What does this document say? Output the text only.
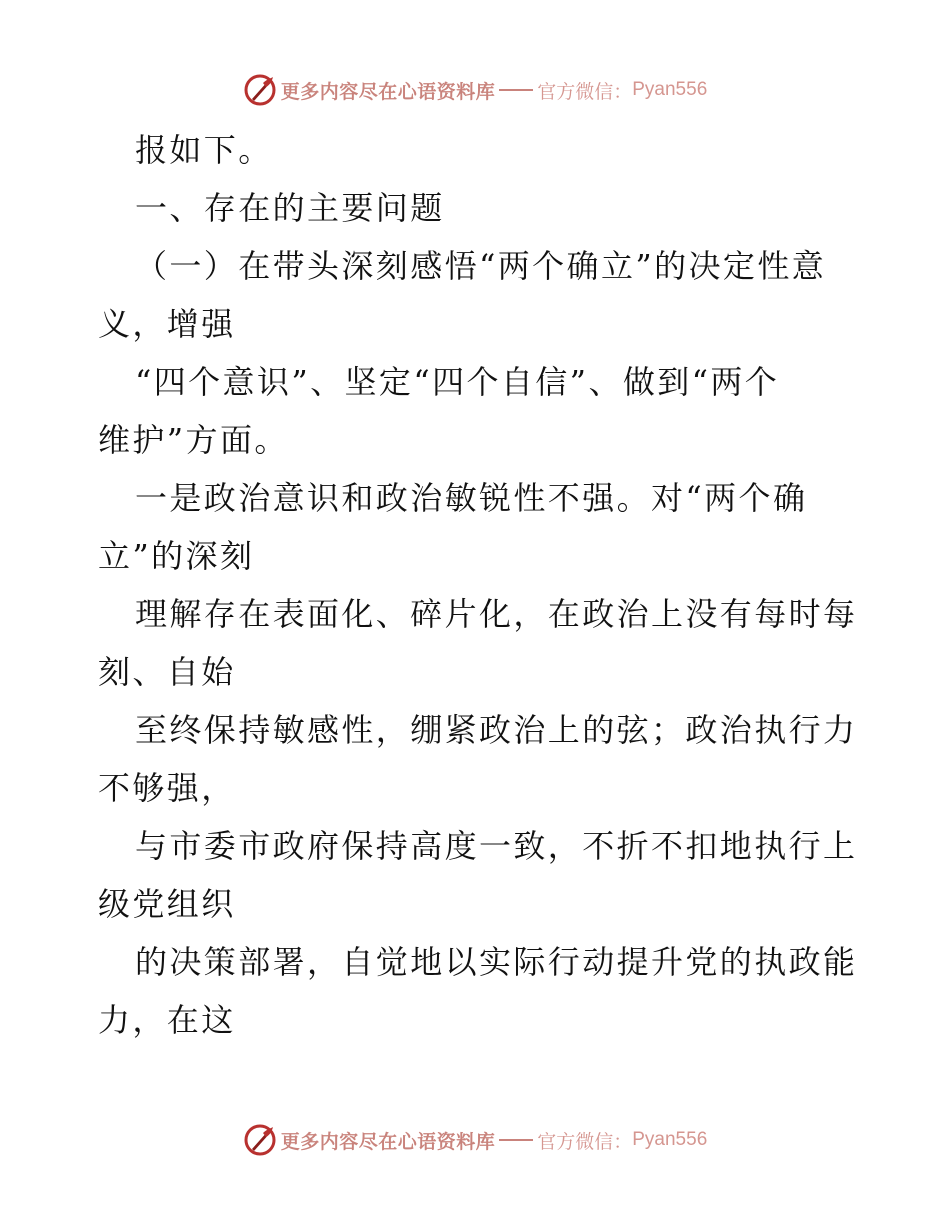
更多内容尽在心语资料库 官方微信： Pyan556
报如下。
一、存在的主要问题
（一）在带头深刻感悟“两个确立”的决定性意
义，增强
“四个意识”、坚定“四个自信”、做到“两个
维护”方面。
一是政治意识和政治敏锐性不强。对“两个确
立”的深刻
理解存在表面化、碎片化，在政治上没有每时每
刻、自始
至终保持敏感性，绷紧政治上的弦；政治执行力
不够强，
与市委市政府保持高度一致，不折不扣地执行上
级党组织
的决策部署，自觉地以实际行动提升党的执政能
力，在这
更多内容尽在心语资料库 官方微信： Pyan556
